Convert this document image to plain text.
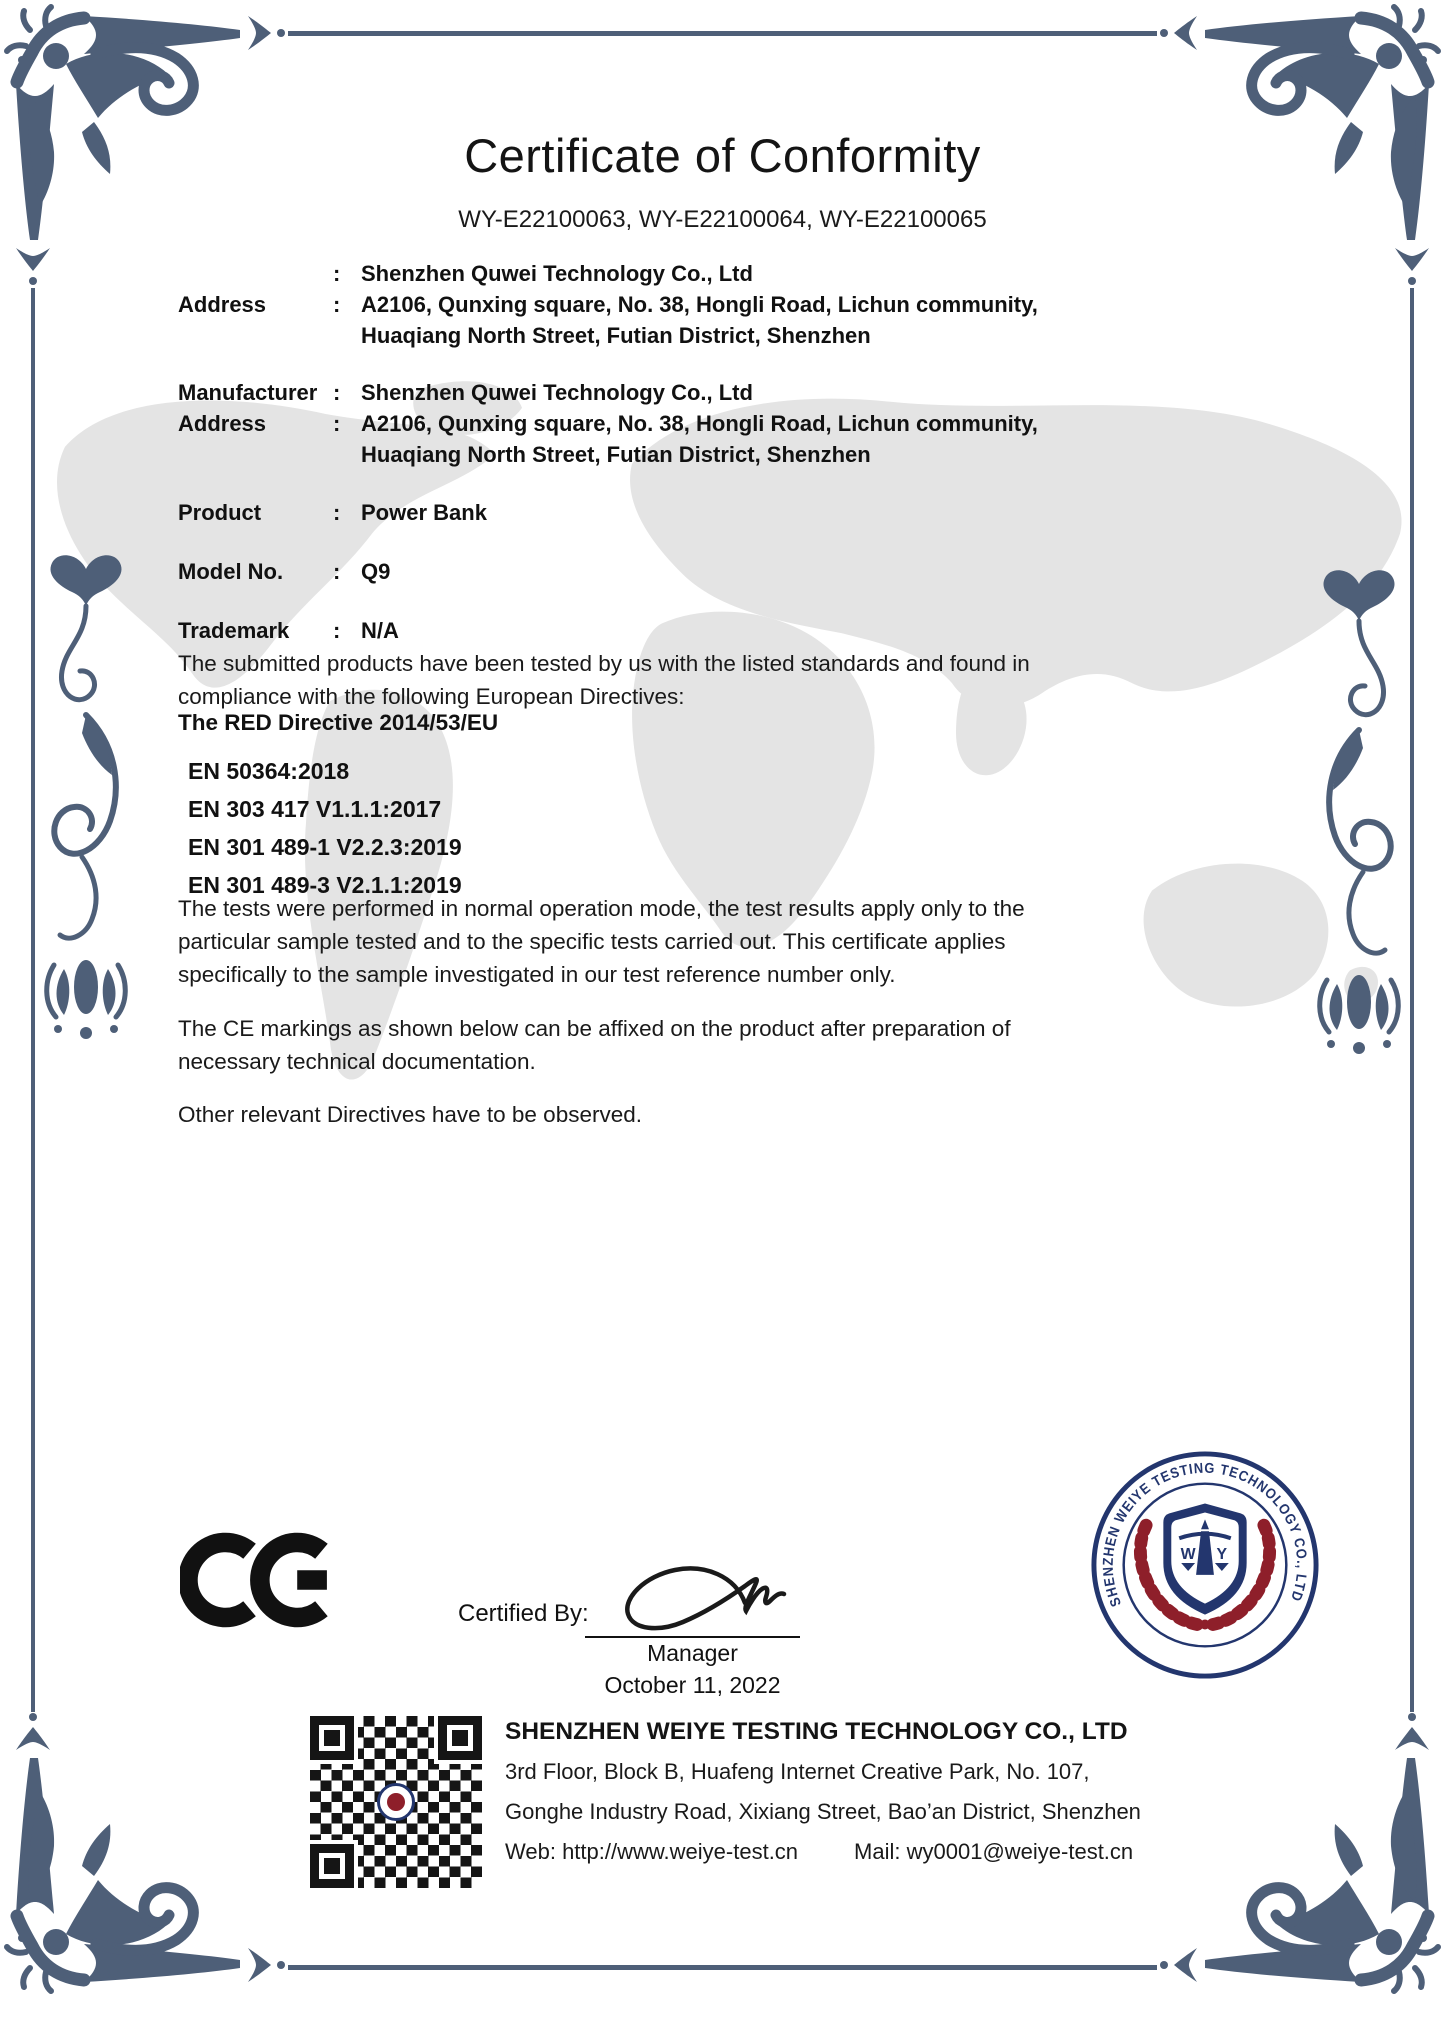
Certificate of Conformity
WY-E22100063, WY-E22100064, WY-E22100065
: Shenzhen Quwei Technology Co., Ltd
Address	: A2106, Qunxing square, No. 38, Hongli Road, Lichun community, Huaqiang North Street, Futian District, Shenzhen
Manufacturer : Shenzhen Quwei Technology Co., Ltd
Address	: A2106, Qunxing square, No. 38, Hongli Road, Lichun community, Huaqiang North Street, Futian District, Shenzhen
Product	: Power Bank
Model No.	: Q9
Trademark	: N/A
The submitted products have been tested by us with the listed standards and found in compliance with the following European Directives:
The RED Directive 2014/53/EU
EN 50364:2018
EN 303 417 V1.1.1:2017
EN 301 489-1 V2.2.3:2019
EN 301 489-3 V2.1.1:2019
The tests were performed in normal operation mode, the test results apply only to the particular sample tested and to the specific tests carried out. This certificate applies specifically to the sample investigated in our test reference number only.
The CE markings as shown below can be affixed on the product after preparation of necessary technical documentation.
Other relevant Directives have to be observed.
Certified By:
Manager
October 11, 2022
SHENZHEN WEIYE TESTING TECHNOLOGY CO., LTD
W Y
SHENZHEN WEIYE TESTING TECHNOLOGY CO., LTD
3rd Floor, Block B, Huafeng Internet Creative Park, No. 107,
Gonghe Industry Road, Xixiang Street, Bao’an District, Shenzhen
Web: http://www.weiye-test.cn	Mail: wy0001@weiye-test.cn
